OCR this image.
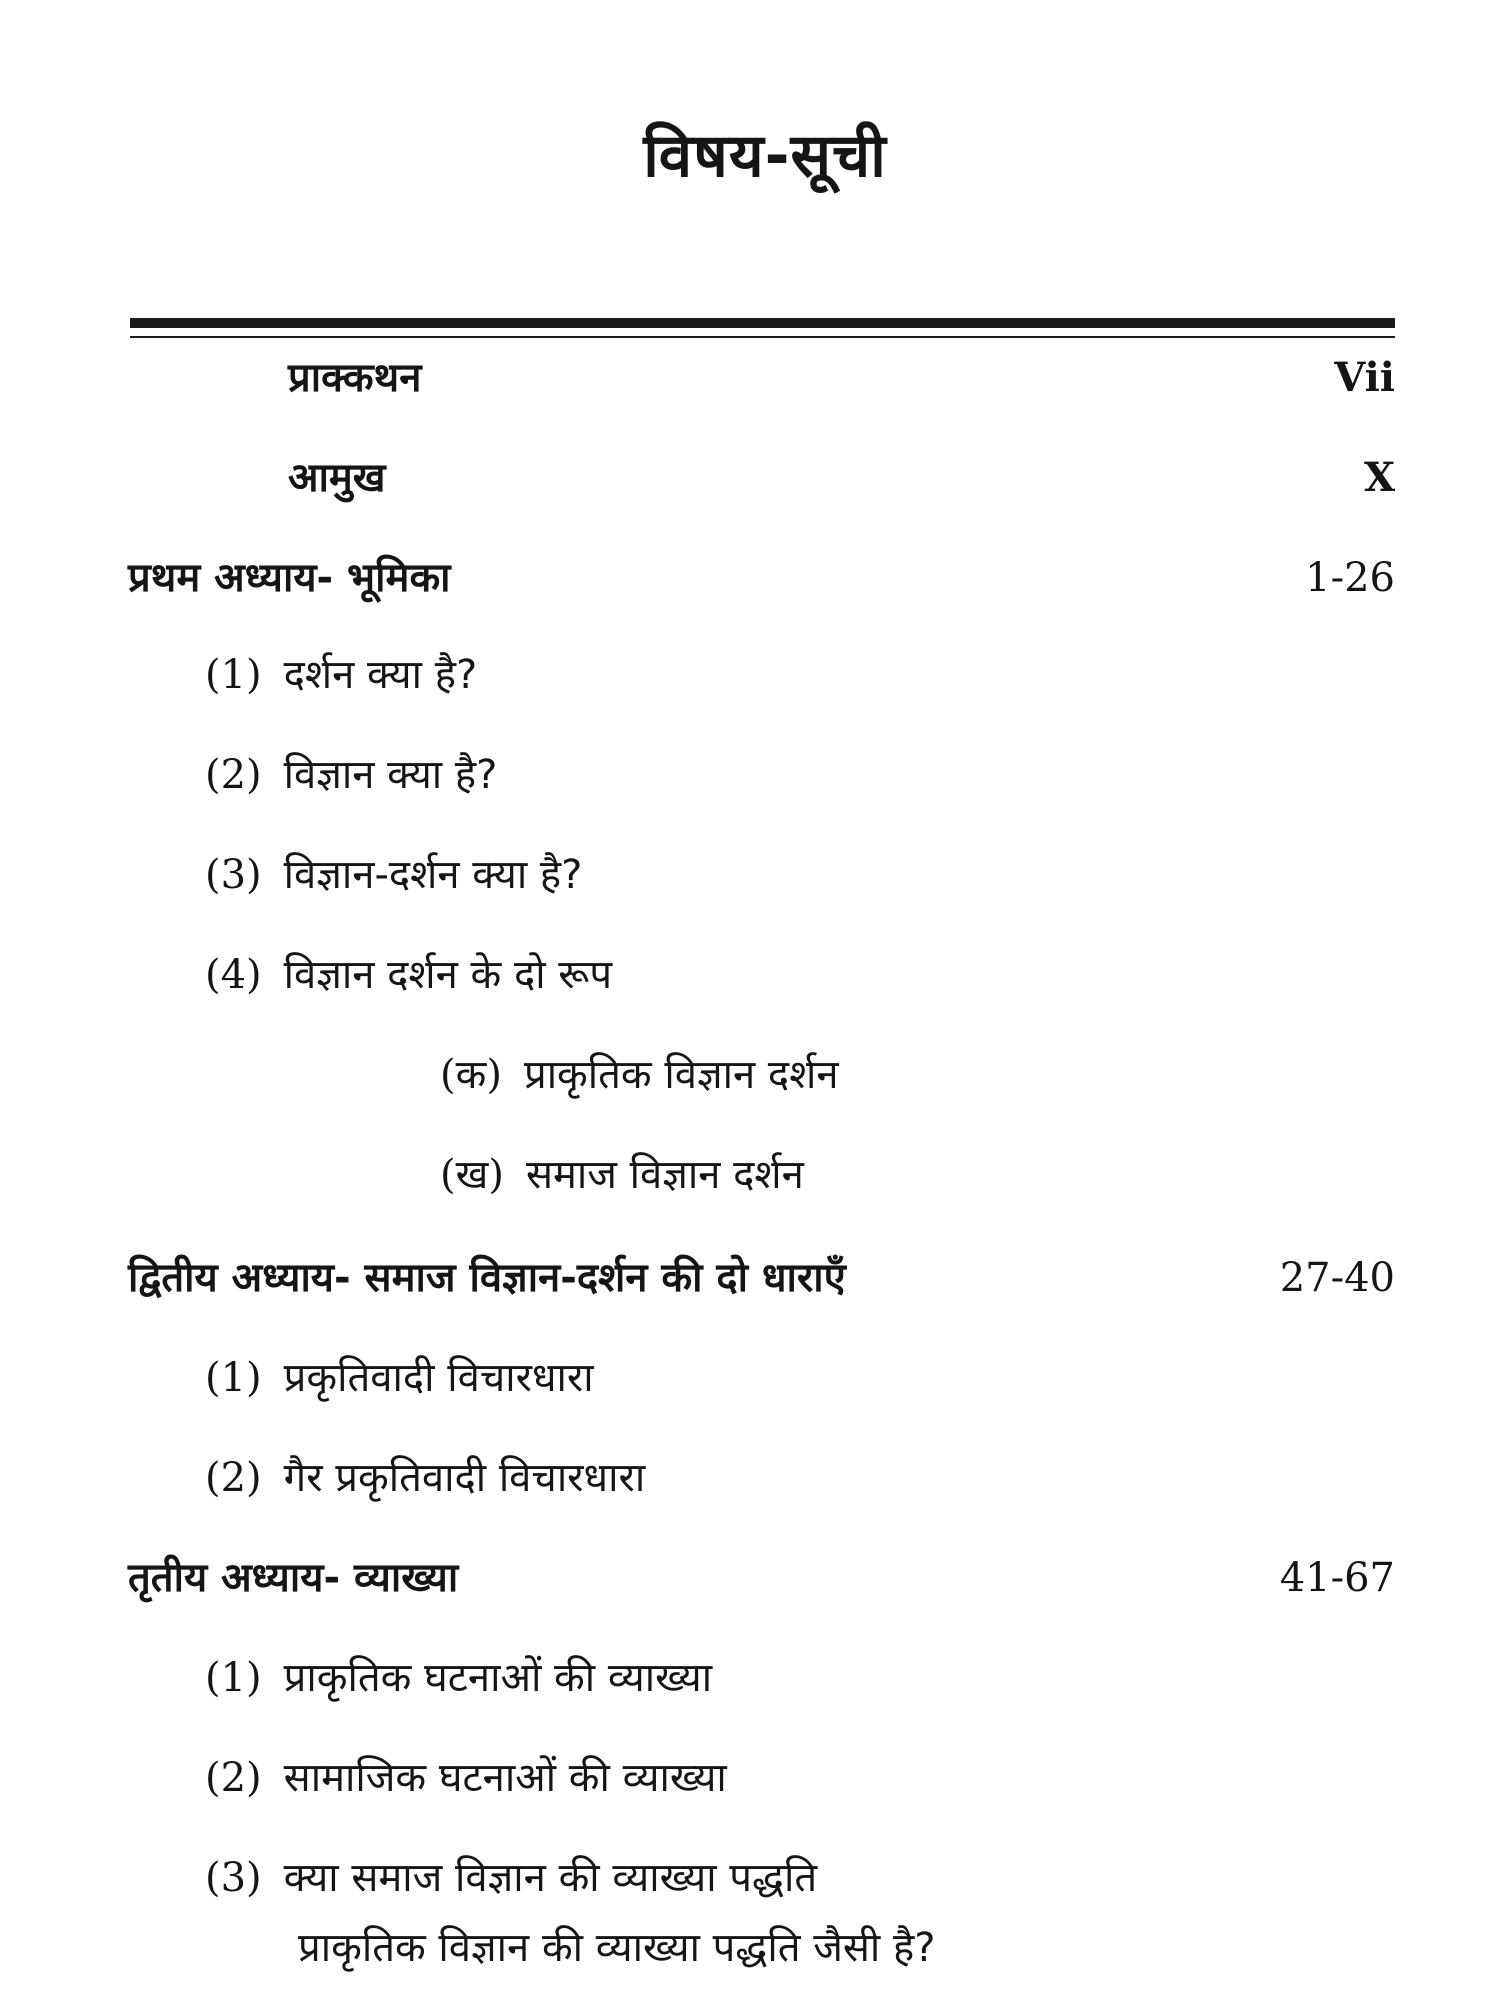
विषय-सूची
प्राक्कथन	Vii
आमुख	X
प्रथम अध्याय- भूमिका	1-26
(1) दर्शन क्या है?
(2) विज्ञान क्या है?
(3) विज्ञान-दर्शन क्या है?
(4) विज्ञान दर्शन के दो रूप
(क) प्राकृतिक विज्ञान दर्शन
(ख) समाज विज्ञान दर्शन
द्वितीय अध्याय- समाज विज्ञान-दर्शन की दो धाराएँ	27-40
(1) प्रकृतिवादी विचारधारा
(2) गैर प्रकृतिवादी विचारधारा
तृतीय अध्याय- व्याख्या	41-67
(1) प्राकृतिक घटनाओं की व्याख्या
(2) सामाजिक घटनाओं की व्याख्या
(3) क्या समाज विज्ञान की व्याख्या पद्धति
प्राकृतिक विज्ञान की व्याख्या पद्धति जैसी है?
